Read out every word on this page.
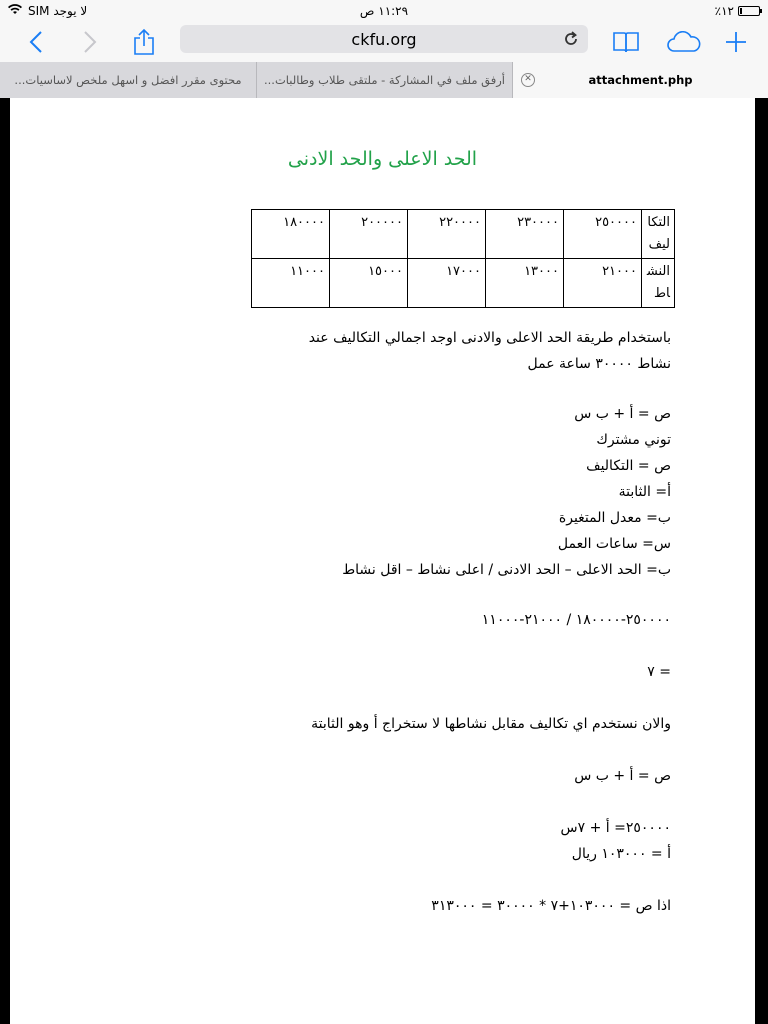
لا يوجد SIM	١١:٢٩ ص	٪١٢
ckfu.org
محتوى مقرر افضل و اسهل ملخص لاساسيات... أرفق ملف في المشاركة - ملتقى طلاب وطالبات...	✕	attachment.php
الحد الاعلى والحد الادنى
التكاليف	٢٥٠٠٠٠	٢٣٠٠٠٠	٢٢٠٠٠٠	٢٠٠٠٠٠	١٨٠٠٠٠
النشاط	٢١٠٠٠	١٣٠٠٠	١٧٠٠٠	١٥٠٠٠	١١٠٠٠
باستخدام طريقة الحد الاعلى والادنى اوجد اجمالي التكاليف عند
نشاط ٣٠٠٠٠ ساعة عمل
ص = أ + ب س
توني مشترك
ص = التكاليف
أ= الثابتة
ب= معدل المتغيرة
س= ساعات العمل
ب= الحد الاعلى – الحد الادنى / اعلى نشاط – اقل نشاط
٢٥٠٠٠٠-١٨٠٠٠٠ / ٢١٠٠٠-١١٠٠٠
= ٧
والان نستخدم اي تكاليف مقابل نشاطها لا ستخراج أ وهو الثابتة
ص = أ + ب س
٢٥٠٠٠٠= أ + ٧س
أ = ١٠٣٠٠٠ ريال
اذا ص = ١٠٣٠٠٠+٧ * ٣٠٠٠٠ = ٣١٣٠٠٠
